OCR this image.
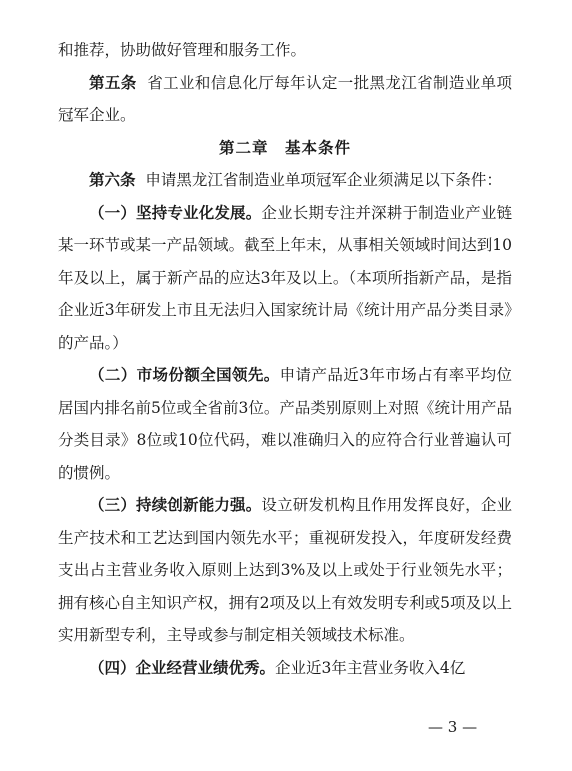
和推荐，协助做好管理和服务工作。

第五条 省工业和信息化厅每年认定一批黑龙江省制造业单项冠军企业。

第二章 基本条件

第六条 申请黑龙江省制造业单项冠军企业须满足以下条件：

（一）坚持专业化发展。企业长期专注并深耕于制造业产业链某一环节或某一产品领域。截至上年末，从事相关领域时间达到10年及以上，属于新产品的应达3年及以上。（本项所指新产品，是指企业近3年研发上市且无法归入国家统计局《统计用产品分类目录》的产品。）

（二）市场份额全国领先。申请产品近3年市场占有率平均位居国内排名前5位或全省前3位。产品类别原则上对照《统计用产品分类目录》8位或10位代码，难以准确归入的应符合行业普遍认可的惯例。

（三）持续创新能力强。设立研发机构且作用发挥良好，企业生产技术和工艺达到国内领先水平；重视研发投入，年度研发经费支出占主营业务收入原则上达到3%及以上或处于行业领先水平；拥有核心自主知识产权，拥有2项及以上有效发明专利或5项及以上实用新型专利，主导或参与制定相关领域技术标准。

（四）企业经营业绩优秀。企业近3年主营业务收入4亿

— 3 —
